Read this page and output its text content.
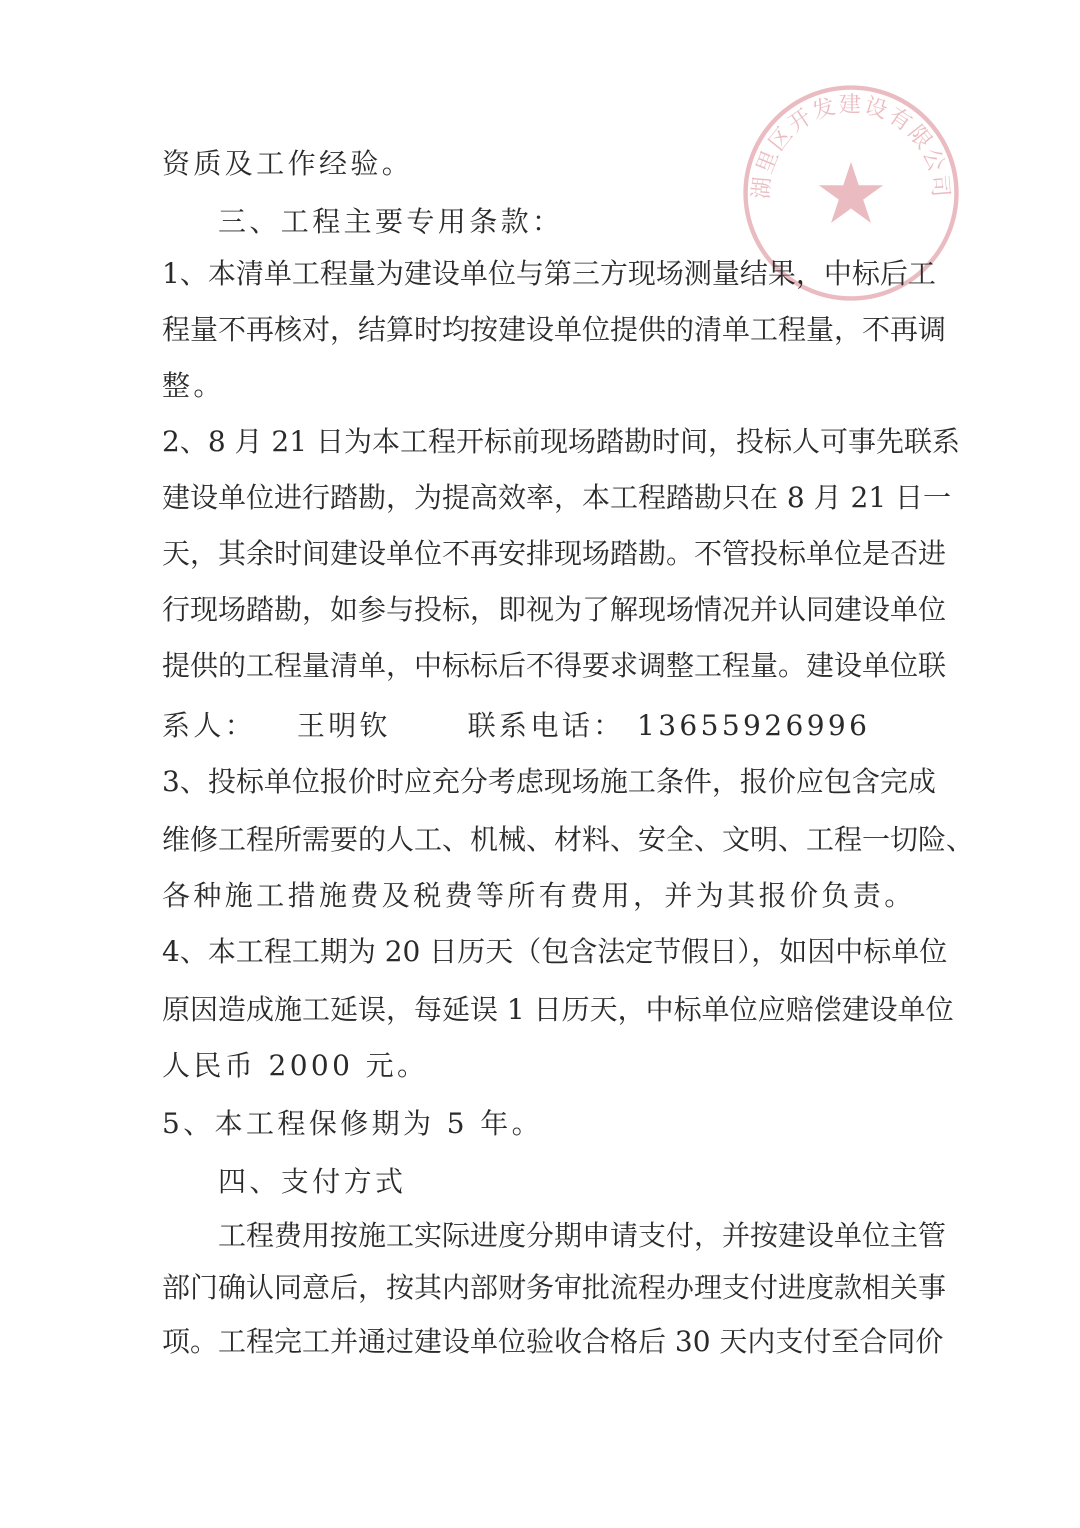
湖里区开发建设有限公司
资质及工作经验。
三、工程主要专用条款：
1、本清单工程量为建设单位与第三方现场测量结果，中标后工
程量不再核对，结算时均按建设单位提供的清单工程量，不再调
整。
2、8 月 21 日为本工程开标前现场踏勘时间，投标人可事先联系
建设单位进行踏勘，为提高效率，本工程踏勘只在 8 月 21 日一
天，其余时间建设单位不再安排现场踏勘。不管投标单位是否进
行现场踏勘，如参与投标，即视为了解现场情况并认同建设单位
提供的工程量清单，中标标后不得要求调整工程量。建设单位联
系人： 王明钦	联系电话： 13655926996
3、投标单位报价时应充分考虑现场施工条件，报价应包含完成
维修工程所需要的人工、机械、材料、安全、文明、工程一切险、
各种施工措施费及税费等所有费用，并为其报价负责。
4、本工程工期为 20 日历天（包含法定节假日），如因中标单位
原因造成施工延误，每延误 1 日历天，中标单位应赔偿建设单位
人民币 2000 元。
5、本工程保修期为 5 年。
四、支付方式
工程费用按施工实际进度分期申请支付，并按建设单位主管
部门确认同意后，按其内部财务审批流程办理支付进度款相关事
项。工程完工并通过建设单位验收合格后 30 天内支付至合同价
